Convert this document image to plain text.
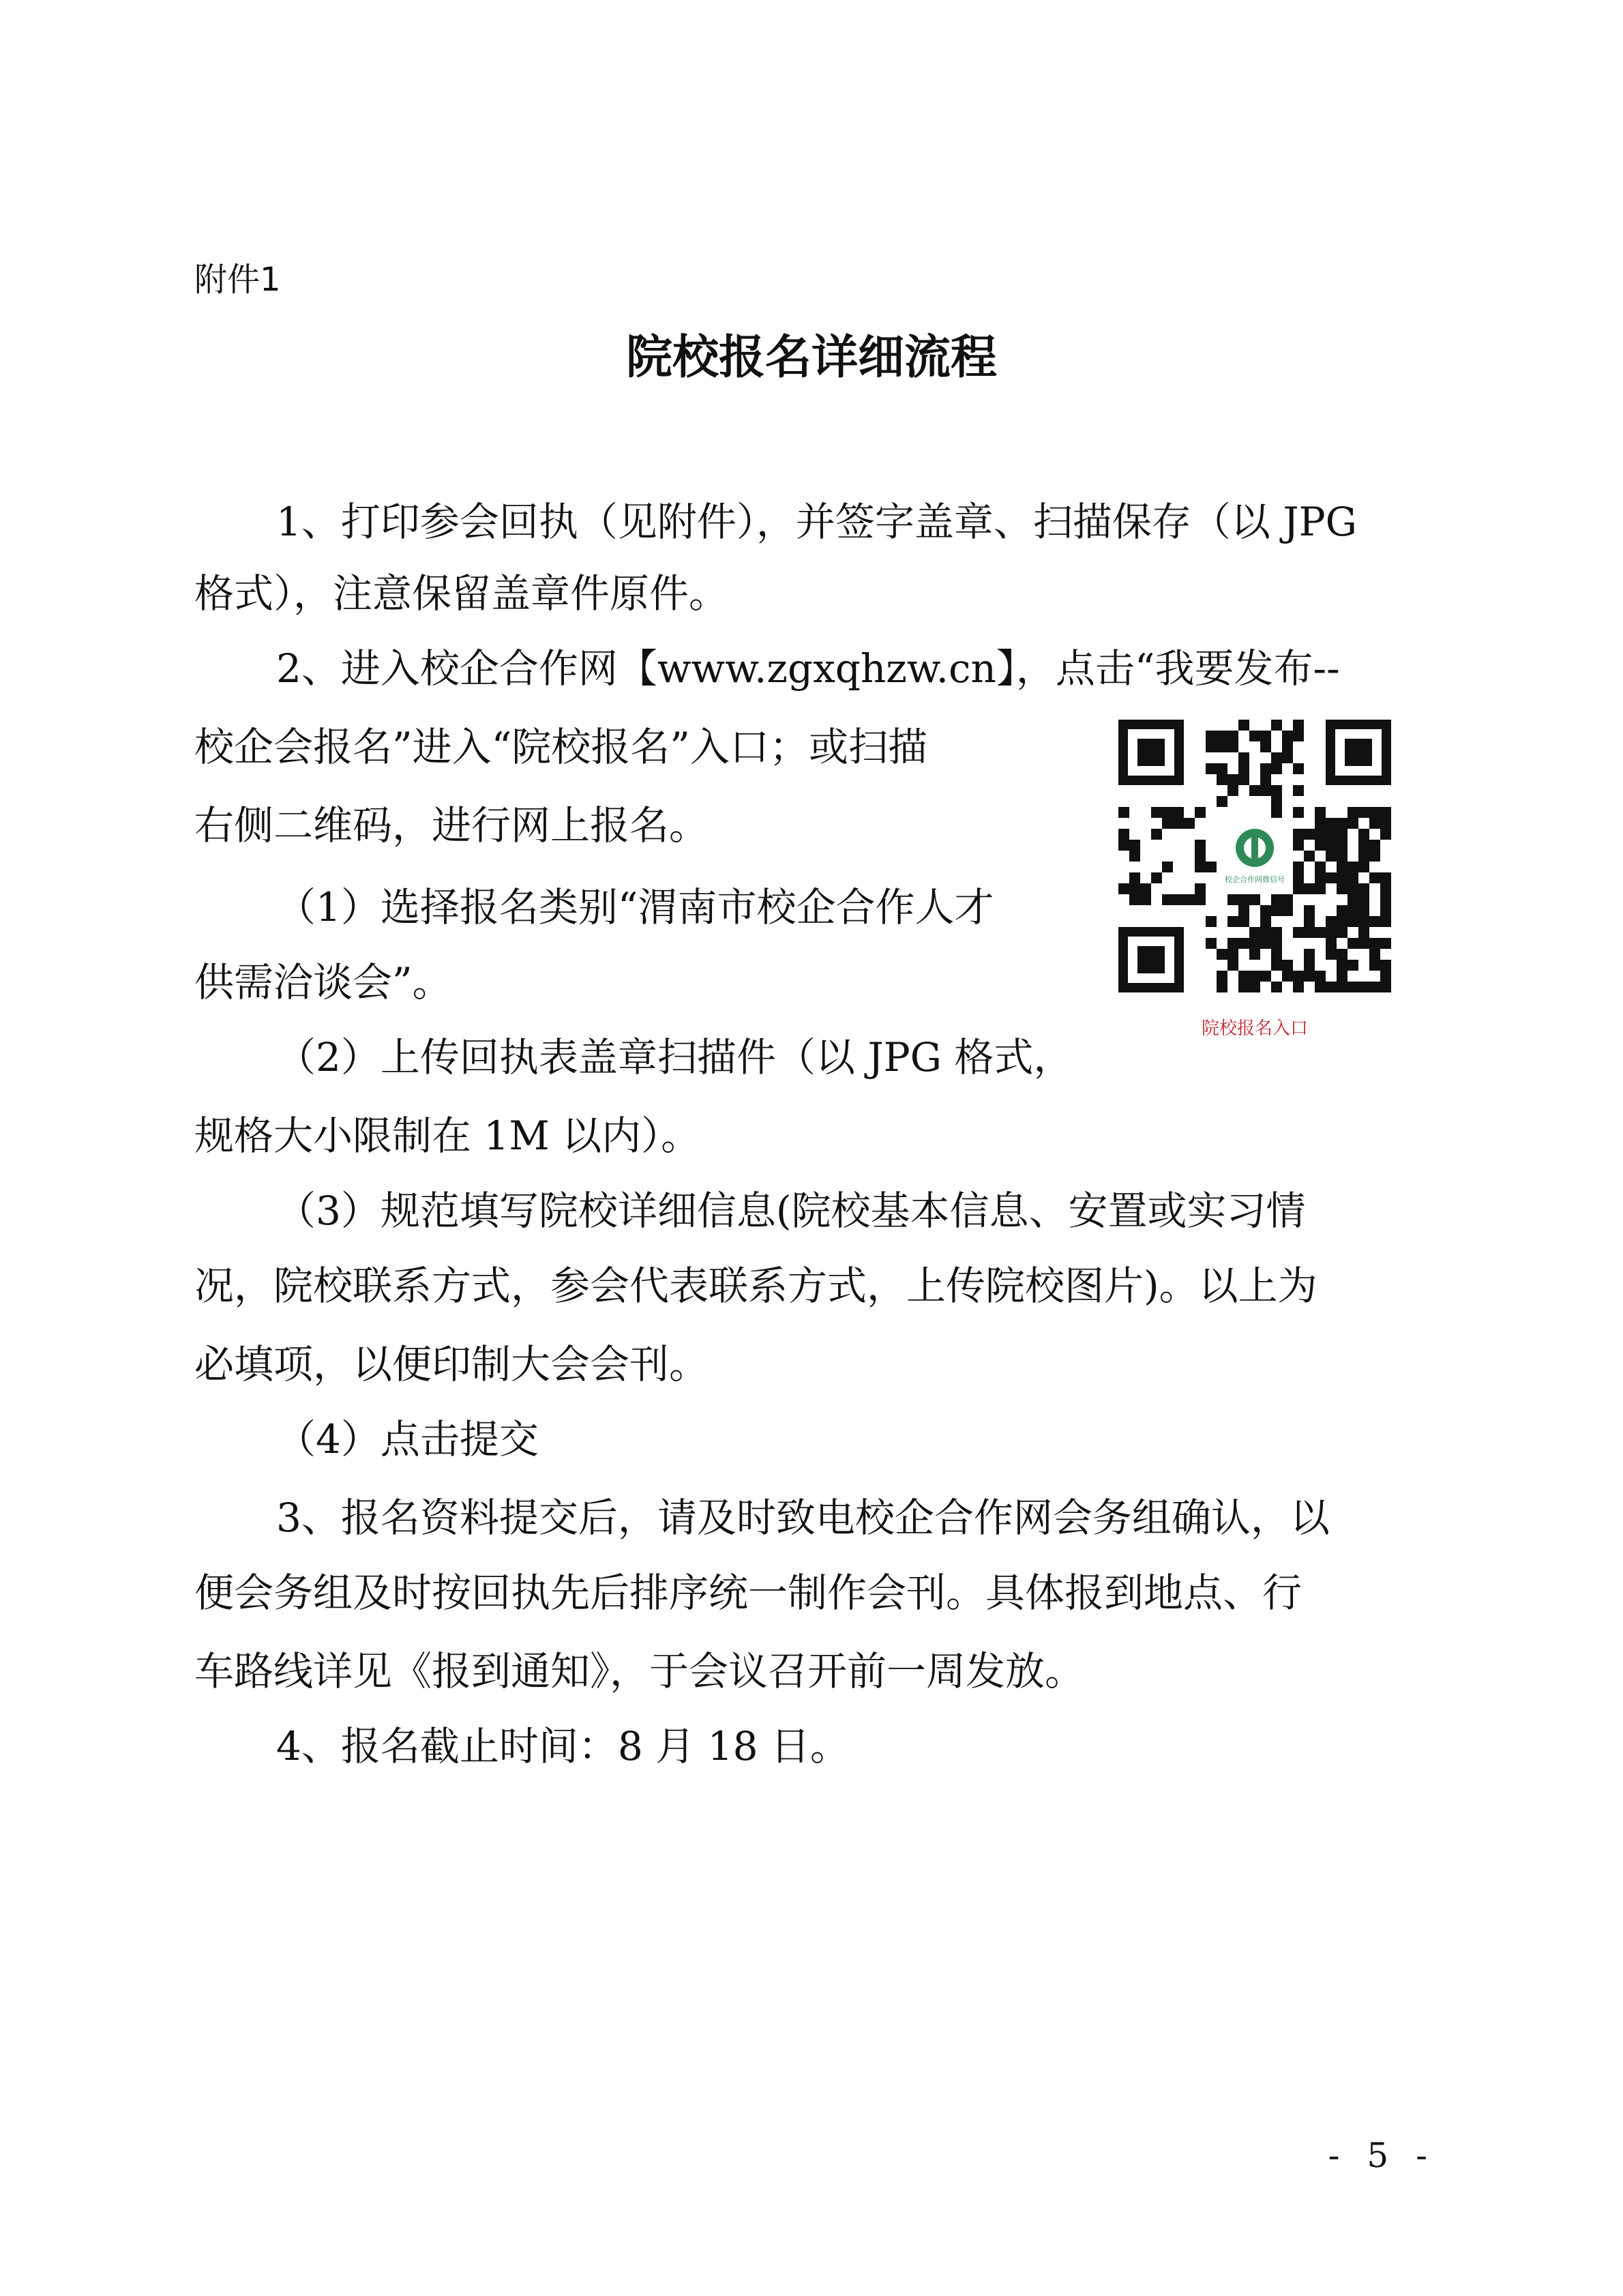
附件1
院校报名详细流程
1、打印参会回执（见附件），并签字盖章、扫描保存（以 JPG
格式），注意保留盖章件原件。
2、进入校企合作网【www.zgxqhzw.cn】，点击“我要发布--
校企会报名”进入“院校报名”入口；或扫描
右侧二维码，进行网上报名。
（1）选择报名类别“渭南市校企合作人才
供需洽谈会”。
（2）上传回执表盖章扫描件（以 JPG 格式，
规格大小限制在 1M 以内）。
（3）规范填写院校详细信息(院校基本信息、安置或实习情
况，院校联系方式，参会代表联系方式，上传院校图片)。以上为
必填项，以便印制大会会刊。
（4）点击提交
3、报名资料提交后，请及时致电校企合作网会务组确认，以
便会务组及时按回执先后排序统一制作会刊。具体报到地点、行
车路线详见《报到通知》，于会议召开前一周发放。
4、报名截止时间：8 月 18 日。
校企合作网微信号
院校报名入口
- 5 -
